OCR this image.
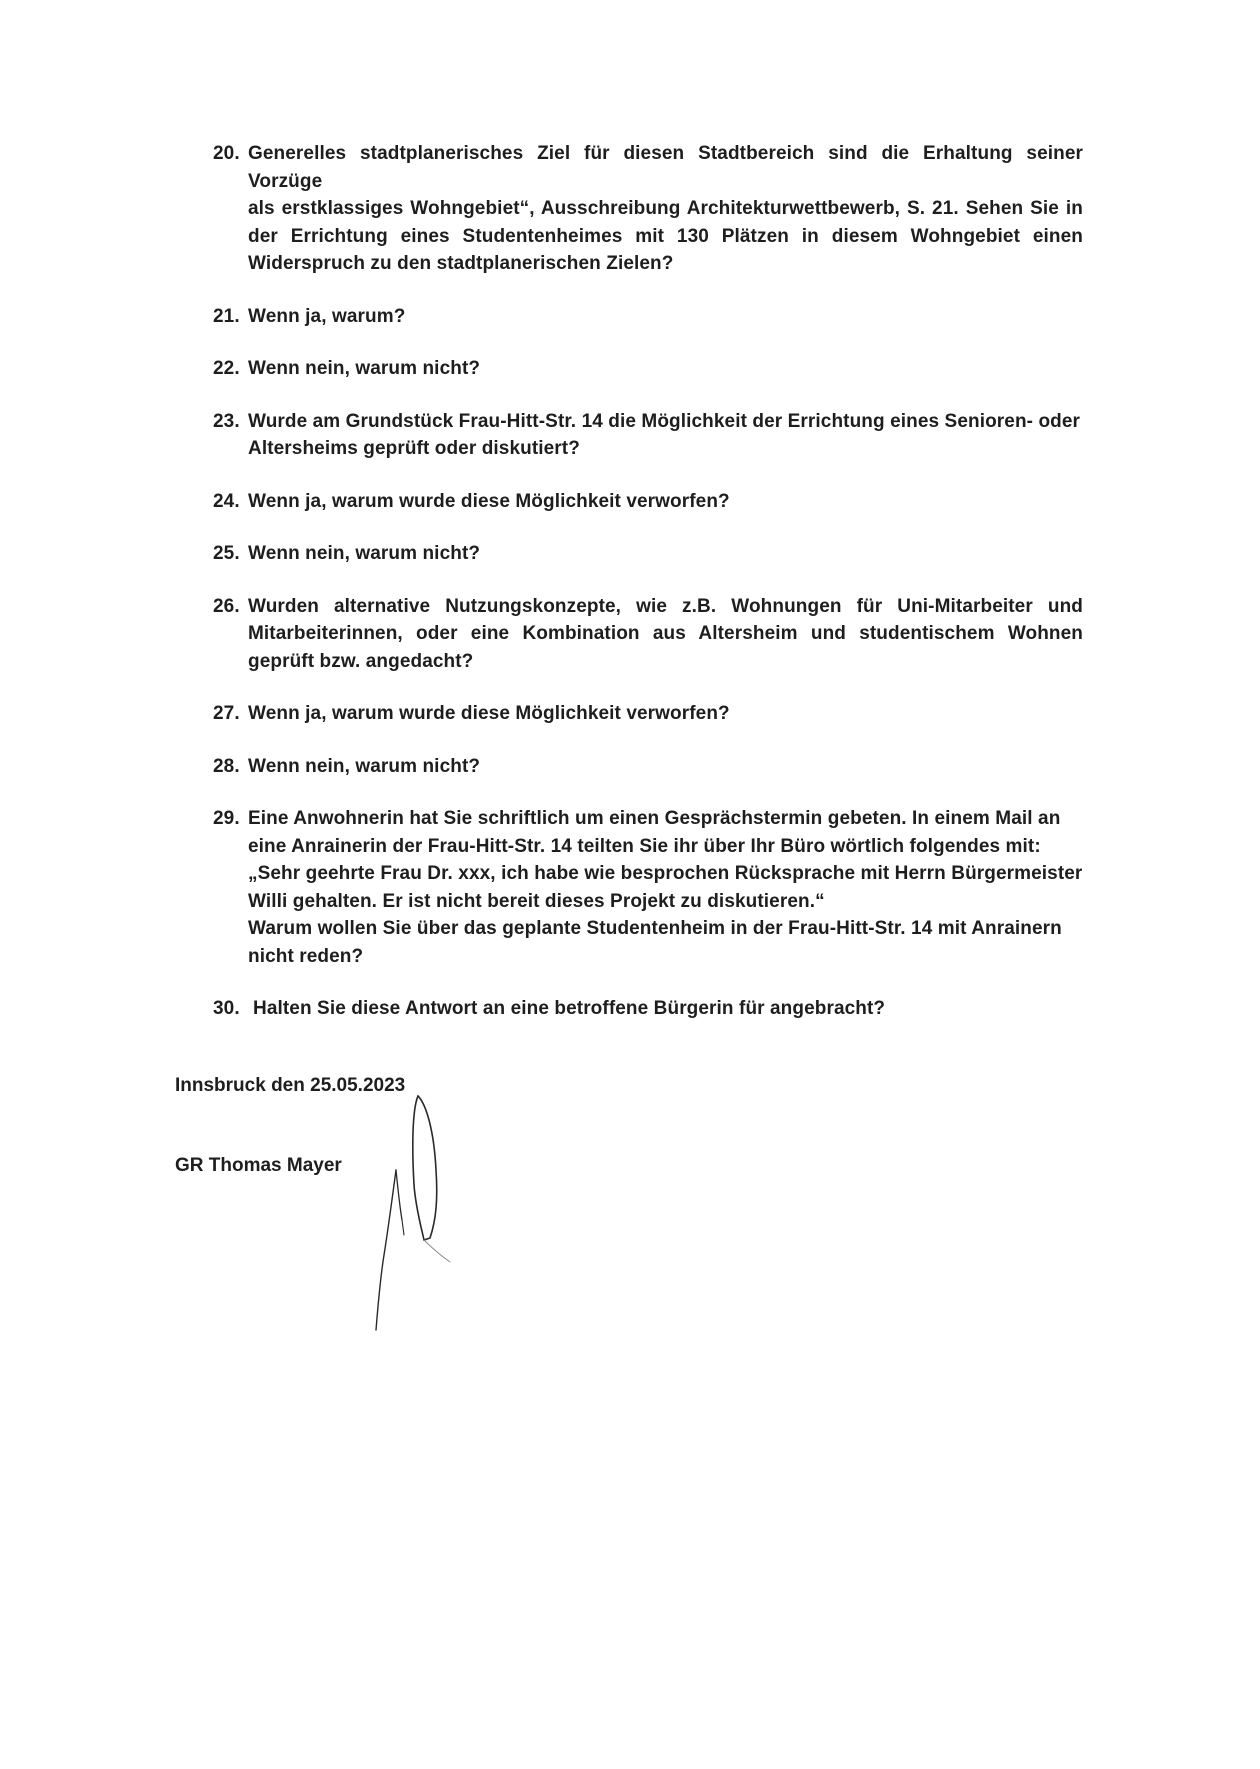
20. Generelles stadtplanerisches Ziel für diesen Stadtbereich sind die Erhaltung seiner Vorzüge
als erstklassiges Wohngebiet“, Ausschreibung Architekturwettbewerb, S. 21. Sehen Sie in
der Errichtung eines Studentenheimes mit 130 Plätzen in diesem Wohngebiet einen
Widerspruch zu den stadtplanerischen Zielen?
21. Wenn ja, warum?
22. Wenn nein, warum nicht?
23. Wurde am Grundstück Frau-Hitt-Str. 14 die Möglichkeit der Errichtung eines Senioren- oder
Altersheims geprüft oder diskutiert?
24. Wenn ja, warum wurde diese Möglichkeit verworfen?
25. Wenn nein, warum nicht?
26. Wurden alternative Nutzungskonzepte, wie z.B. Wohnungen für Uni-Mitarbeiter und
Mitarbeiterinnen, oder eine Kombination aus Altersheim und studentischem Wohnen
geprüft bzw. angedacht?
27. Wenn ja, warum wurde diese Möglichkeit verworfen?
28. Wenn nein, warum nicht?
29. Eine Anwohnerin hat Sie schriftlich um einen Gesprächstermin gebeten. In einem Mail an
eine Anrainerin der Frau-Hitt-Str. 14 teilten Sie ihr über Ihr Büro wörtlich folgendes mit:
„Sehr geehrte Frau Dr. xxx, ich habe wie besprochen Rücksprache mit Herrn Bürgermeister
Willi gehalten. Er ist nicht bereit dieses Projekt zu diskutieren.“
Warum wollen Sie über das geplante Studentenheim in der Frau-Hitt-Str. 14 mit Anrainern
nicht reden?
30. Halten Sie diese Antwort an eine betroffene Bürgerin für angebracht?
Innsbruck den 25.05.2023
GR Thomas Mayer
